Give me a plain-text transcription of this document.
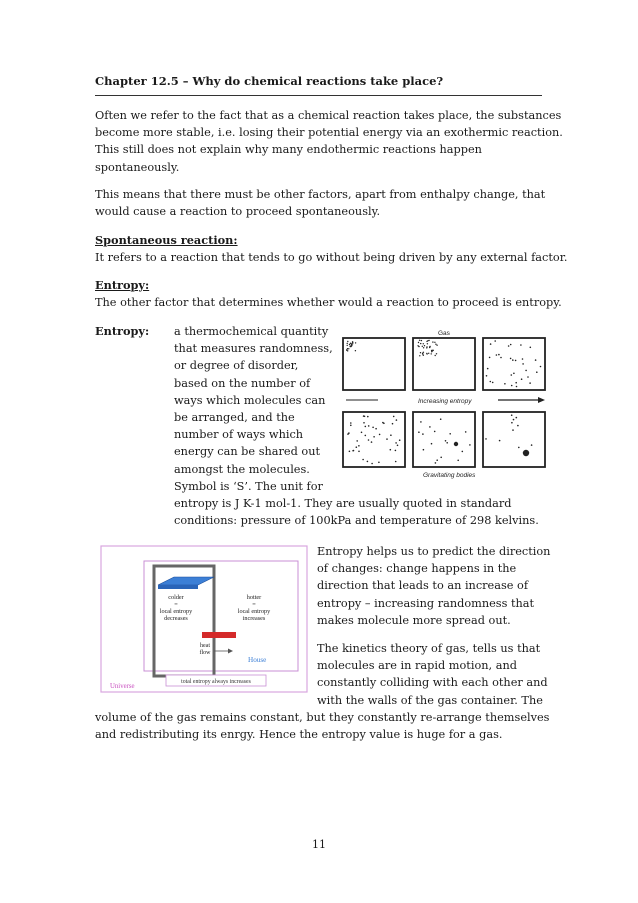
Chapter 12.5 – Why do chemical reactions take place?
Often we refer to the fact that as a chemical reaction takes place, the substances
become more stable, i.e. losing their potential energy via an exothermic reaction.
This still does not explain why many endothermic reactions happen
spontaneously.
This means that there must be other factors, apart from enthalpy change, that
would cause a reaction to proceed spontaneously.
Spontaneous reaction:
It refers to a reaction that tends to go without being driven by any external factor.
Entropy:
The other factor that determines whether would a reaction to proceed is entropy.
Entropy: a thermochemical quantity
that measures randomness,
or degree of disorder,
based on the number of
ways which molecules can
be arranged, and the
number of ways which
energy can be shared out
amongst the molecules.
Symbol is ‘S’. The unit for
entropy is J K-1 mol-1. They are usually quoted in standard
conditions: pressure of 100kPa and temperature of 298 kelvins.
Gas
Increasing entropy
Gravitating bodies
colder
=
local entropy
decreases
hotter
=
local entropy
increases
heat
flow
House
Universe
total entropy always increases
Entropy helps us to predict the direction
of changes: change happens in the
direction that leads to an increase of
entropy – increasing randomness that
makes molecule more spread out.
The kinetics theory of gas, tells us that
molecules are in rapid motion, and
constantly colliding with each other and
with the walls of the gas container. The
volume of the gas remains constant, but they constantly re-arrange themselves
and redistributing its enrgy. Hence the entropy value is huge for a gas.
11
